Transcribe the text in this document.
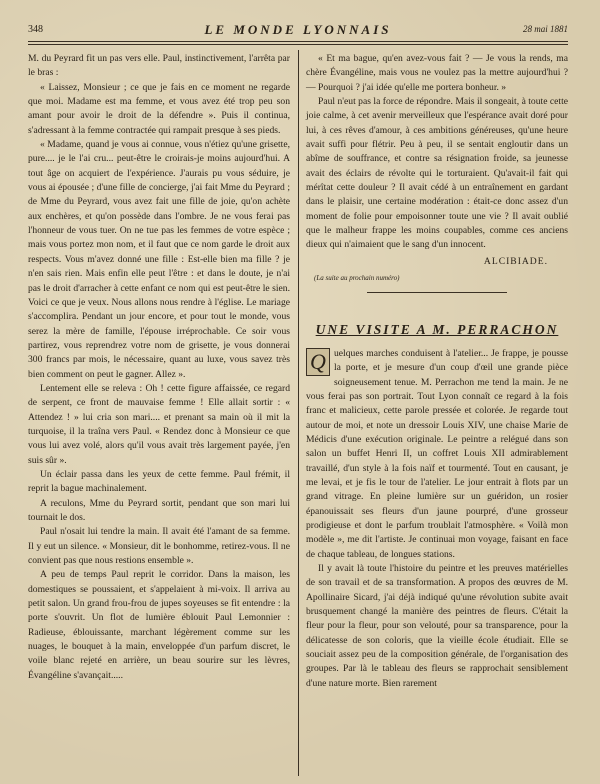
348	LE MONDE LYONNAIS	28 mai 1881

M. du Peyrard fit un pas vers elle. Paul, instinctivement, l'arrêta par le bras :

« Laissez, Monsieur ; ce que je fais en ce moment ne regarde que moi. Madame est ma femme, et vous avez été trop peu son amant pour avoir le droit de la défendre ». Puis il continua, s'adressant à la femme contractée qui rampait presque à ses pieds.

« Madame, quand je vous ai connue, vous n'étiez qu'une grisette, pure.... je le l'ai cru... peut-être le croirais-je moins aujourd'hui. A tout âge on acquiert de l'expérience. J'aurais pu vous séduire, je vous ai épousée ; d'une fille de concierge, j'ai fait Mme du Peyrard ; de Mme du Peyrard, vous avez fait une fille de joie, qu'on achète aux enchères, et qu'on possède dans l'ombre. Je ne vous ferai pas l'honneur de vous tuer. On ne tue pas les femmes de votre espèce ; mais vous portez mon nom, et il faut que ce nom garde le droit aux respects. Vous m'avez donné une fille : Est-elle bien ma fille ? je n'en sais rien. Mais enfin elle peut l'être : et dans le doute, je n'ai pas le droit d'arracher à cette enfant ce nom qui est peut-être le sien. Voici ce que je veux. Nous allons nous rendre à l'église. Le mariage s'accomplira. Pendant un jour encore, et pour tout le monde, vous serez la mère de famille, l'épouse irréprochable. Ce soir vous partirez, vous reprendrez votre nom de grisette, je vous donnerai 300 francs par mois, le nécessaire, quant au luxe, vous savez très bien comment on peut le gagner. Allez ».

Lentement elle se releva : Oh ! cette figure affaissée, ce regard de serpent, ce front de mauvaise femme ! Elle allait sortir : « Attendez ! » lui cria son mari.... et prenant sa main où il mit la turquoise, il la traîna vers Paul. « Rendez donc à Monsieur ce que vous lui avez volé, alors qu'il vous avait très largement payée, j'en suis sûr ».

Un éclair passa dans les yeux de cette femme. Paul frémit, il reprit la bague machinalement.

A reculons, Mme du Peyrard sortit, pendant que son mari lui tournait le dos.

Paul n'osait lui tendre la main. Il avait été l'amant de sa femme. Il y eut un silence. « Monsieur, dit le bonhomme, retirez-vous. Il ne convient pas que nous restions ensemble ».

A peu de temps Paul reprit le corridor. Dans la maison, les domestiques se poussaient, et s'appelaient à mi-voix. Il arriva au petit salon. Un grand frou-frou de jupes soyeuses se fit entendre : la porte s'ouvrit. Un flot de lumière éblouit Paul Lemonnier : Radieuse, éblouissante, marchant légèrement comme sur les nuages, le bouquet à la main, enveloppée d'un parfum discret, le voile blanc rejeté en arrière, un beau sourire sur les lèvres, Évangéline s'avançait.....

« Et ma bague, qu'en avez-vous fait ? — Je vous la rends, ma chère Évangéline, mais vous ne voulez pas la mettre aujourd'hui ? — Pourquoi ? j'ai idée qu'elle me portera bonheur. »

Paul n'eut pas la force de répondre. Mais il songeait, à toute cette joie calme, à cet avenir merveilleux que l'espérance avait doré pour lui, à ces rêves d'amour, à ces ambitions généreuses, qu'une heure avait suffi pour flétrir. Peu à peu, il se sentait engloutir dans un abîme de souffrance, et contre sa résignation froide, sa jeunesse avait des éclairs de révolte qui le torturaient. Qu'avait-il fait qui mérîtat cette douleur ? Il avait cédé à un entraînement en gardant dans le plaisir, une certaine modération : était-ce donc assez d'un moment de folie pour empoisonner toute une vie ? Il avait oublié que le malheur frappe les moins coupables, comme ces anciens dieux qui n'aimaient que le sang d'un innocent.

ALCIBIADE.
(La suite au prochain numéro)
UNE VISITE A M. PERRACHON

Q uelques marches conduisent à l'atelier... Je frappe, je pousse la porte, et je mesure d'un coup d'œil une grande pièce soigneusement tenue. M. Perrachon me tend la main. Je ne vous ferai pas son portrait. Tout Lyon connaît ce regard à la fois franc et malicieux, cette parole pressée et colorée. Je regarde tout autour de moi, et note un dressoir Louis XIV, une chaise Marie de Médicis d'une exécution originale. Le peintre a relégué dans son salon un buffet Henri II, un coffret Louis XII admirablement travaillé, d'un style à la fois naïf et tourmenté. Tout en causant, je me levai, et je fis le tour de l'atelier. Le jour entrait à flots par un grand vitrage. En pleine lumière sur un guéridon, un rosier épanouissait ses fleurs d'un jaune pourpré, d'une grosseur prodigieuse et dont le parfum troublait l'atmosphère. « Voilà mon modèle », me dit l'artiste. Je continuai mon voyage, faisant en face de chaque tableau, de longues stations.

Il y avait là toute l'histoire du peintre et les preuves matérielles de son travail et de sa transformation. A propos des œuvres de M. Apollinaire Sicard, j'ai déjà indiqué qu'une révolution subite avait brusquement changé la manière des peintres de fleurs. C'était la fleur pour la fleur, pour son velouté, pour sa transparence, pour la délicatesse de son coloris, que la vieille école étudiait. Elle se souciait assez peu de la composition générale, de l'organisation des groupes. Par là le tableau des fleurs se rapprochait sensiblement d'une nature morte. Bien rarement
